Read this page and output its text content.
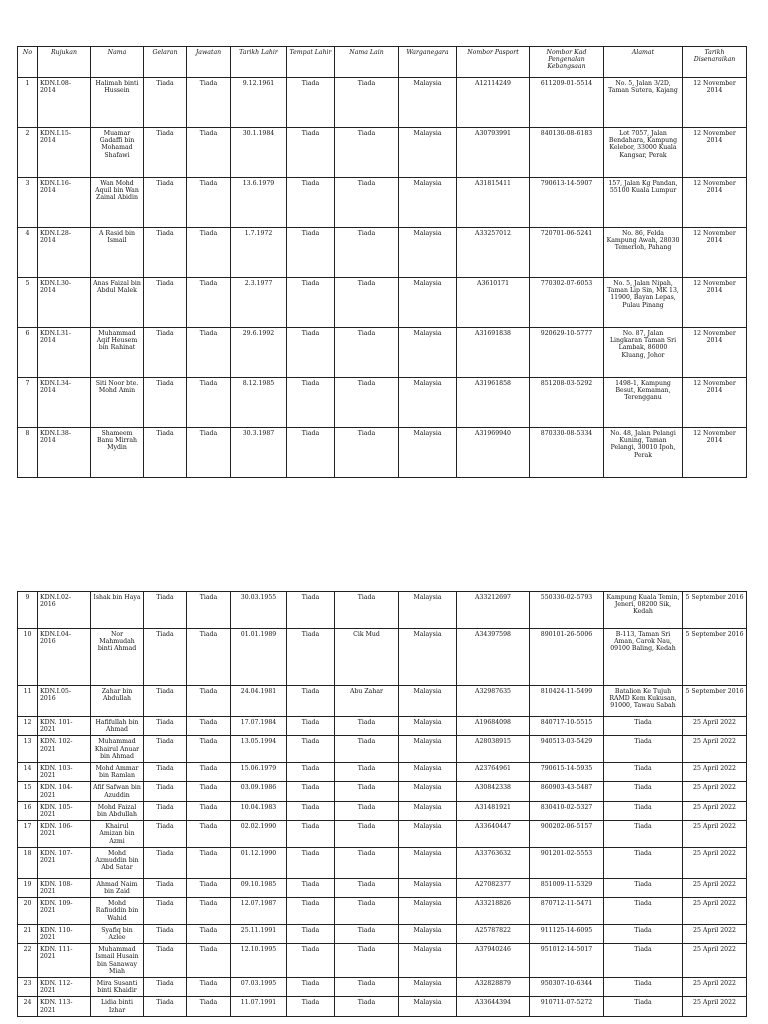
No	Rujukan	Nama	Gelaran	Jawatan	Tarikh Lahir	Tempat Lahir	Nama Lain	Warganegara	Nombor Pasport	Nombor Kad Pengenalan Kebangsaan	Alamat	Tarikh Disenaraikan
1	KDN.I.08- 2014	Halimah binti Hussein	Tiada	Tiada	9.12.1961	Tiada	Tiada	Malaysia	A12114249	611209-01-5514	No. 5, Jalan 3/2D, Taman Sutera, Kajang	12 November 2014
2	KDN.I.15- 2014	Muamar Gadaffi bin Mohamad Shafawi	Tiada	Tiada	30.1.1984	Tiada	Tiada	Malaysia	A30793991	840130-08-6183	Lot 7057, Jalan Bendahara, Kampung Kelebor, 33000 Kuala Kangsar, Perak	12 November 2014
3	KDN.I.16- 2014	Wan Mohd Aquil bin Wan Zainal Abidin	Tiada	Tiada	13.6.1979	Tiada	Tiada	Malaysia	A31815411	790613-14-5907	157, Jalan Kg Pandan, 55100 Kuala Lumpur	12 November 2014
4	KDN.I.28- 2014	A Rasid bin Ismail	Tiada	Tiada	1.7.1972	Tiada	Tiada	Malaysia	A33257012	720701-06-5241	No. 86, Felda Kampung Awah, 28030 Temerloh, Pahang	12 November 2014
5	KDN.I.30- 2014	Anas Faizal bin Abdul Malek	Tiada	Tiada	2.3.1977	Tiada	Tiada	Malaysia	A3610171	770302-07-6053	No. 5, Jalan Nipah, Taman Lip Sin, MK 13, 11900, Bayan Lepas, Pulau Pinang	12 November 2014
6	KDN.I.31- 2014	Muhammad Aqif Heusem bin Rahinat	Tiada	Tiada	29.6.1992	Tiada	Tiada	Malaysia	A31691838	920629-10-5777	No. 87, Jalan Lingkaran Taman Sri Lambak, 86000 Kluang, Johor	12 November 2014
7	KDN.I.34- 2014	Siti Noor bte. Mohd Amin	Tiada	Tiada	8.12.1985	Tiada	Tiada	Malaysia	A31961858	851208-03-5292	1498-1, Kampung Besut, Kemaman, Terengganu	12 November 2014
8	KDN.I.38- 2014	Shameem Banu Mirrah Mydin	Tiada	Tiada	30.3.1987	Tiada	Tiada	Malaysia	A31969940	870330-08-5334	No. 48, Jalan Pelangi Kuning, Taman Pelangi, 30010 Ipoh, Perak	12 November 2014
9	KDN.I.02- 2016	Ishak bin Haya	Tiada	Tiada	30.03.1955	Tiada	Tiada	Malaysia	A33212697	550330-02-5793	Kampung Kuala Temin, Jeneri, 08200 Sik, Kedah	5 September 2016
10	KDN.I.04- 2016	Nor Mahmudah binti Ahmad	Tiada	Tiada	01.01.1989	Tiada	Cik Mud	Malaysia	A34397598	890101-26-5006	B-113, Taman Sri Aman, Carok Nau, 09100 Baling, Kedah	5 September 2016
11	KDN.I.05- 2016	Zahar bin Abdullah	Tiada	Tiada	24.04.1981	Tiada	Abu Zahar	Malaysia	A32987635	810424-11-5499	Batalion Ke Tujuh RAMD Kem Kukusan, 91000, Tawau Sabah	5 September 2016
12	KDN. 101-2021	Hafifullah bin Ahmad	Tiada	Tiada	17.07.1984	Tiada	Tiada	Malaysia	A19684098	840717-10-5515	Tiada	25 April 2022
13	KDN. 102-2021	Muhammad Khairul Anuar bin Ahmad	Tiada	Tiada	13.05.1994	Tiada	Tiada	Malaysia	A28038915	940513-03-5429	Tiada	25 April 2022
14	KDN. 103-2021	Mohd Ammar bin Ramlan	Tiada	Tiada	15.06.1979	Tiada	Tiada	Malaysia	A23764961	790615-14-5935	Tiada	25 April 2022
15	KDN. 104-2021	Afif Safwan bin Azuddin	Tiada	Tiada	03.09.1986	Tiada	Tiada	Malaysia	A30842338	860903-43-5487	Tiada	25 April 2022
16	KDN. 105-2021	Mohd Faizal bin Abdullah	Tiada	Tiada	10.04.1983	Tiada	Tiada	Malaysia	A31481921	830410-02-5327	Tiada	25 April 2022
17	KDN. 106-2021	Khairul Amizan bin Azmi	Tiada	Tiada	02.02.1990	Tiada	Tiada	Malaysia	A33640447	900202-06-5157	Tiada	25 April 2022
18	KDN. 107-2021	Mohd Azmuddin bin Abd Satar	Tiada	Tiada	01.12.1990	Tiada	Tiada	Malaysia	A33763632	901201-02-5553	Tiada	25 April 2022
19	KDN. 108-2021	Ahmad Naim bin Zaid	Tiada	Tiada	09.10.1985	Tiada	Tiada	Malaysia	A27082377	851009-11-5329	Tiada	25 April 2022
20	KDN. 109-2021	Mohd Rafiuddin bin Wahid	Tiada	Tiada	12.07.1987	Tiada	Tiada	Malaysia	A33218826	870712-11-5471	Tiada	25 April 2022
21	KDN. 110-2021	Syafiq bin Azlee	Tiada	Tiada	25.11.1991	Tiada	Tiada	Malaysia	A25787822	911125-14-6095	Tiada	25 April 2022
22	KDN. 111-2021	Muhammad Ismail Husain bin Sanaway Miah	Tiada	Tiada	12.10.1995	Tiada	Tiada	Malaysia	A37940246	951012-14-5017	Tiada	25 April 2022
23	KDN. 112-2021	Mira Susanti binti Khaidir	Tiada	Tiada	07.03.1995	Tiada	Tiada	Malaysia	A32828879	950307-10-6344	Tiada	25 April 2022
24	KDN. 113-2021	Lidia binti Izhar	Tiada	Tiada	11.07.1991	Tiada	Tiada	Malaysia	A33644394	910711-07-5272	Tiada	25 April 2022
